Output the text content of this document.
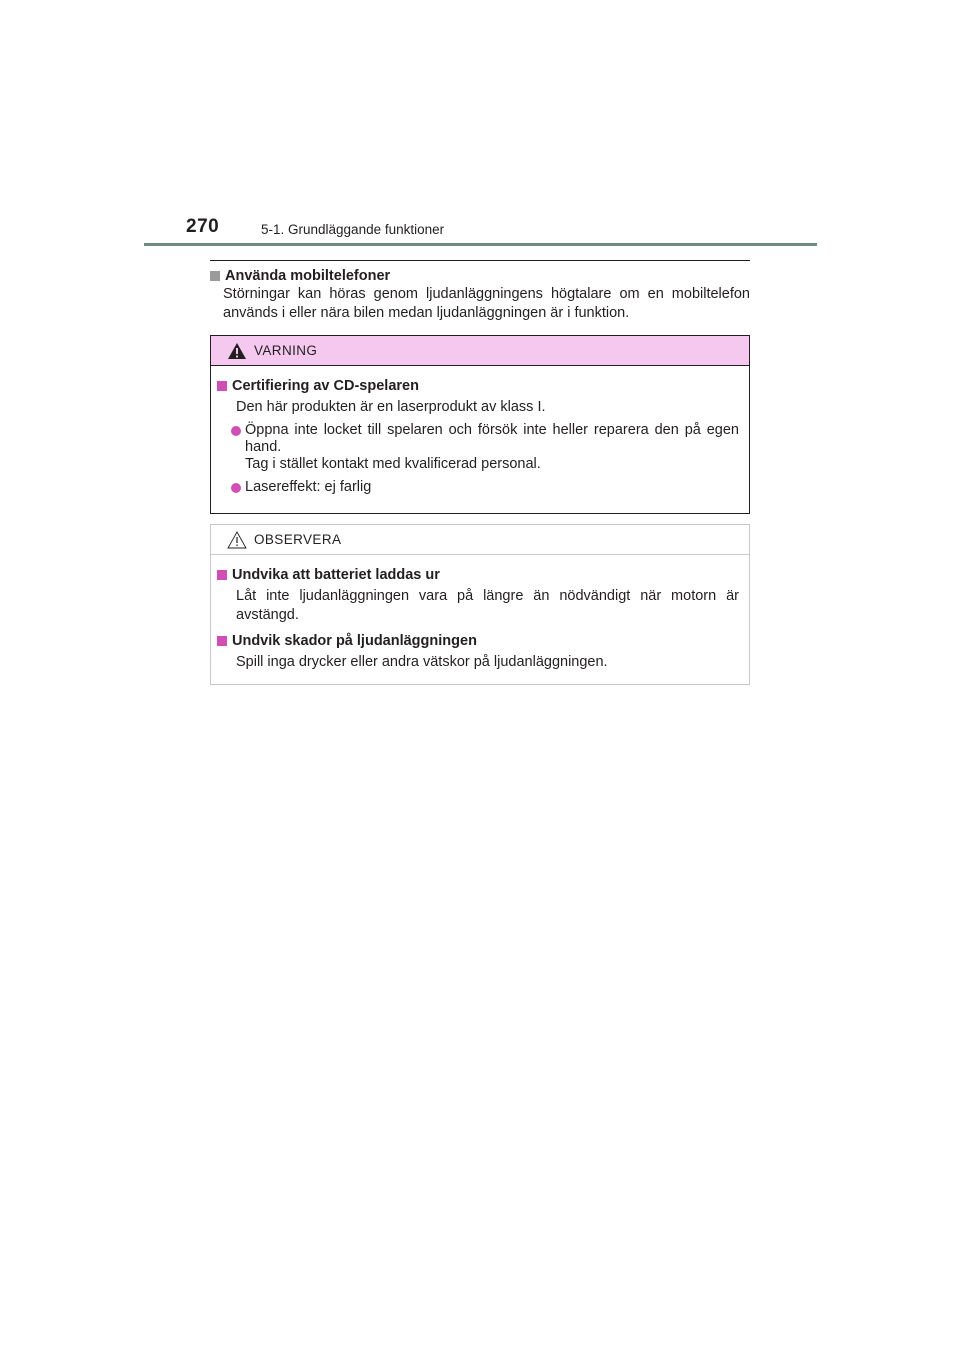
270	5-1. Grundläggande funktioner
Använda mobiltelefoner
Störningar kan höras genom ljudanläggningens högtalare om en mobiltelefon används i eller nära bilen medan ljudanläggningen är i funktion.
VARNING
Certifiering av CD-spelaren
Den här produkten är en laserprodukt av klass I.
Öppna inte locket till spelaren och försök inte heller reparera den på egen hand.
Tag i stället kontakt med kvalificerad personal.
Lasereffekt: ej farlig
OBSERVERA
Undvika att batteriet laddas ur
Låt inte ljudanläggningen vara på längre än nödvändigt när motorn är avstängd.
Undvik skador på ljudanläggningen
Spill inga drycker eller andra vätskor på ljudanläggningen.
